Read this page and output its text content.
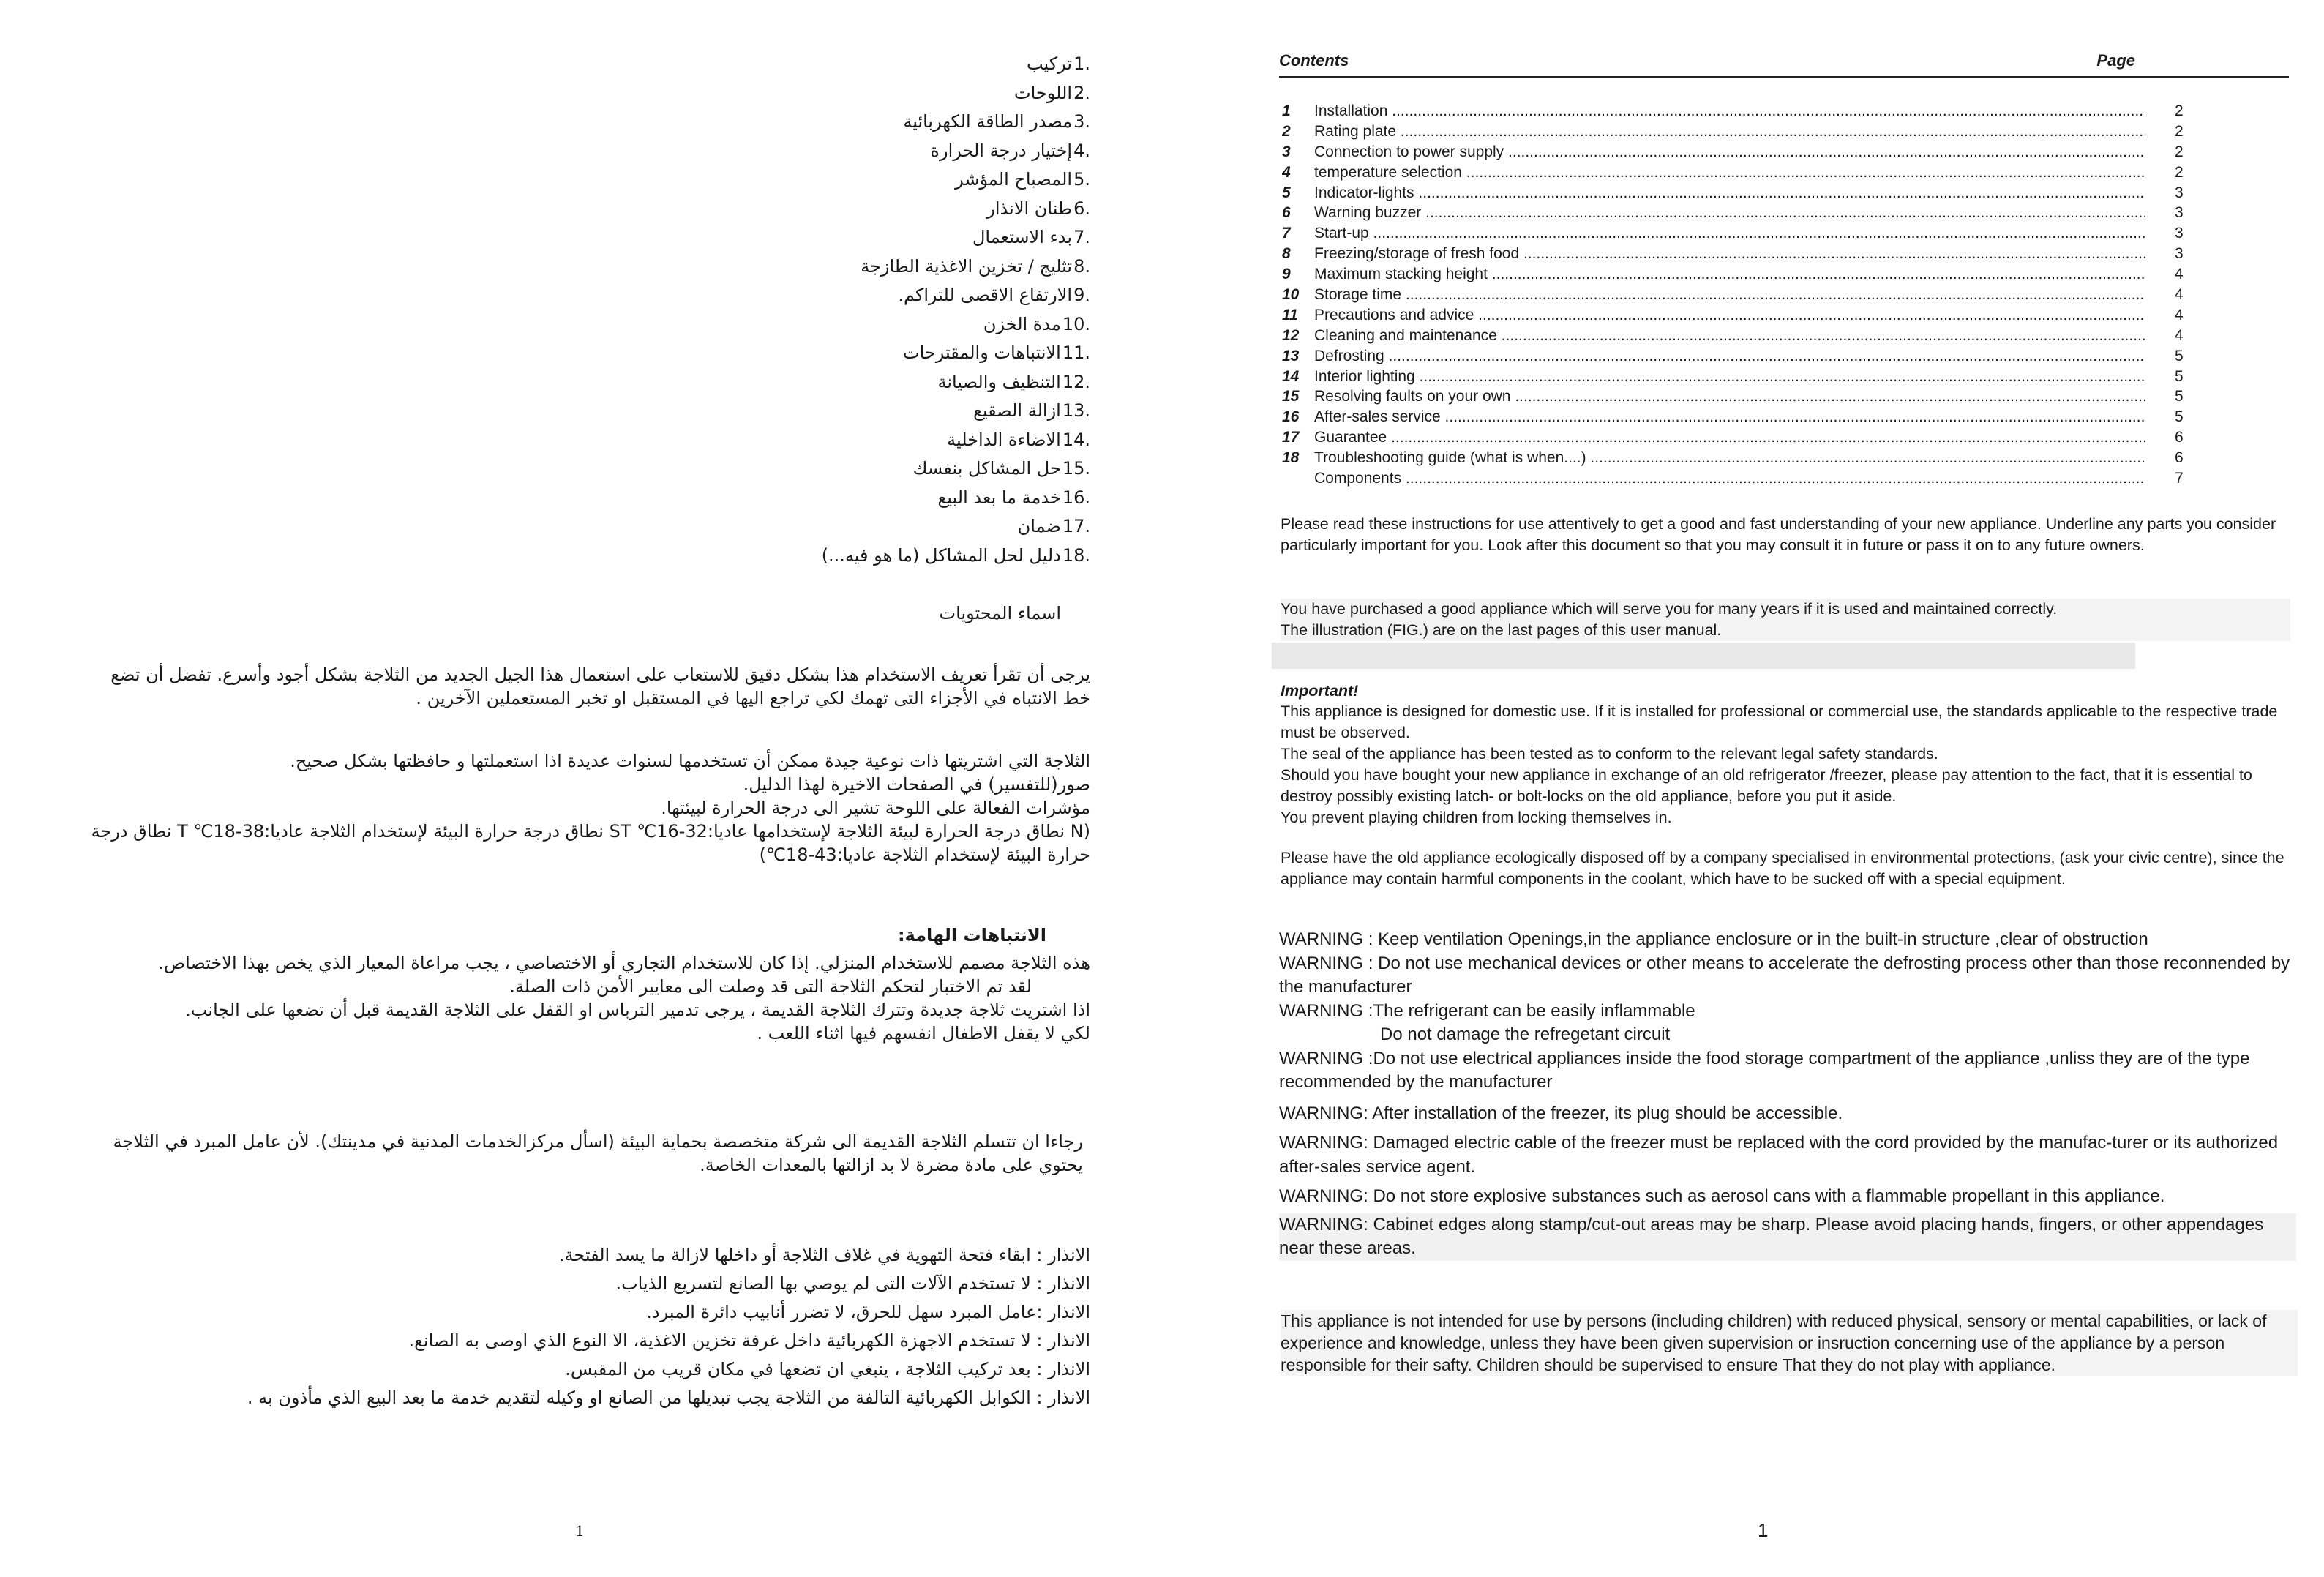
1.تركيب
2.اللوحات
3.مصدر الطاقة الكهربائية
4.إختيار درجة الحرارة
5.المصباح المؤشر
6.طنان الانذار
7.بدء الاستعمال
8.تثليج / تخزين الاغذية الطازجة
9.الارتفاع الاقصى للتراكم.
10.مدة الخزن
11.الانتباهات والمقترحات
12.التنظيف والصيانة
13.ازالة الصقيع
14.الاضاءة الداخلية
15.حل المشاكل بنفسك
16.خدمة ما بعد البيع
17.ضمان
18.دليل لحل المشاكل (ما هو فيه...)
اسماء المحتويات

يرجى أن تقرأ تعريف الاستخدام هذا بشكل دقيق للاستعاب على استعمال هذا الجيل الجديد من الثلاجة بشكل أجود وأسرع. تفضل أن تضع خط الانتباه في الأجزاء التى تهمك لكي تراجع اليها في المستقبل او تخبر المستعملين الآخرين .

الثلاجة التي اشتريتها ذات نوعية جيدة ممكن أن تستخدمها لسنوات عديدة اذا استعملتها و حافظتها بشكل صحيح.

صور(للتفسير) في الصفحات الاخيرة لهذا الدليل.

مؤشرات الفعالة على اللوحة تشير الى درجة الحرارة لبيئتها.

(N نطاق درجة الحرارة لبيئة الثلاجة لإستخدامها عاديا:32-16℃ ST نطاق درجة حرارة البيئة لإستخدام الثلاجة عاديا:38-18℃ T نطاق درجة حرارة البيئة لإستخدام الثلاجة عاديا:43-18℃)

الانتباهات الهامة:

هذه الثلاجة مصمم للاستخدام المنزلي. إذا كان للاستخدام التجاري أو الاختصاصي ، يجب مراعاة المعيار الذي يخص بهذا الاختصاص.

لقد تم الاختبار لتحكم الثلاجة التى قد وصلت الى معايير الأمن ذات الصلة.

اذا اشتريت ثلاجة جديدة وتترك الثلاجة القديمة ، يرجى تدمير الترباس او القفل على الثلاجة القديمة قبل أن تضعها على الجانب.

لكي لا يقفل الاطفال انفسهم فيها اثناء اللعب .

رجاءا ان تتسلم الثلاجة القديمة الى شركة متخصصة بحماية البيئة (اسأل مركزالخدمات المدنية في مدينتك). لأن عامل المبرد في الثلاجة يحتوي على مادة مضرة لا بد ازالتها بالمعدات الخاصة.

الانذار : ابقاء فتحة التهوية في غلاف الثلاجة أو داخلها لازالة ما يسد الفتحة.

الانذار : لا تستخدم الآلات التى لم يوصي بها الصانع لتسريع الذياب.

الانذار :عامل المبرد سهل للحرق، لا تضرر أنابيب دائرة المبرد.

الانذار : لا تستخدم الاجهزة الكهربائية داخل غرفة تخزين الاغذية، الا النوع الذي اوصى به الصانع.

الانذار : بعد تركيب الثلاجة ، ينبغي ان تضعها في مكان قريب من المقبس.

الانذار : الكوابل الكهربائية التالفة من الثلاجة يجب تبديلها من الصانع او وكيله لتقديم خدمة ما بعد البيع الذي مأذون به .

1
Contents	Page
1	Installation .....	2
2	Rating plate .....	2
3	Connection to power supply .....	2
4	temperature selection .....	2
5	Indicator-lights .....	3
6	Warning buzzer .....	3
7	Start-up .....	3
8	Freezing/storage of fresh food .....	3
9	Maximum stacking height .....	4
10 Storage time .....	4
11	Precautions and advice .....	4
12 Cleaning and maintenance .....	4
13 Defrosting .....	5
14 Interior lighting .....	5
15 Resolving faults on your own .....	5
16 After-sales service .....	5
17 Guarantee .....	6
18 Troubleshooting guide (what is when....) .....	6
Components .....	7

Please read these instructions for use attentively to get a good and fast understanding of your new appliance. Underline any parts you consider particularly important for you. Look after this document so that you may consult it in future or pass it on to any future owners.

You have purchased a good appliance which will serve you for many years if it is used and maintained correctly.

The illustration (FIG.) are on the last pages of this user manual.

Important!

This appliance is designed for domestic use. If it is installed for professional or commercial use, the standards applicable to the respective trade must be observed.

The seal of the appliance has been tested as to conform to the relevant legal safety standards.

Should you have bought your new appliance in exchange of an old refrigerator /freezer, please pay attention to the fact, that it is essential to destroy possibly existing latch- or bolt-locks on the old appliance, before you put it aside.

You prevent playing children from locking themselves in.

Please have the old appliance ecologically disposed off by a company specialised in environmental protections, (ask your civic centre), since the appliance may contain harmful components in the coolant, which have to be sucked off with a special equipment.

WARNING : Keep ventilation Openings,in the appliance enclosure or in the built-in structure ,clear of obstruction

WARNING : Do not use mechanical devices or other means to accelerate the defrosting process other than those reconnended by the manufacturer

WARNING :The refrigerant can be easily inflammable

Do not damage the refregetant circuit

WARNING :Do not use electrical appliances inside the food storage compartment of the appliance ,unliss they are of the type recommended by the manufacturer

WARNING: After installation of the freezer, its plug should be accessible.

WARNING: Damaged electric cable of the freezer must be replaced with the cord provided by the manufac-turer or its authorized after-sales service agent.

WARNING: Do not store explosive substances such as aerosol cans with a flammable propellant in this appliance.

WARNING: Cabinet edges along stamp/cut-out areas may be sharp. Please avoid placing hands, fingers, or other appendages near these areas.

This appliance is not intended for use by persons (including children) with reduced physical, sensory or mental capabilities, or lack of experience and knowledge, unless they have been given supervision or insruction concerning use of the appliance by a person responsible for their safty. Children should be supervised to ensure That they do not play with appliance.

1
